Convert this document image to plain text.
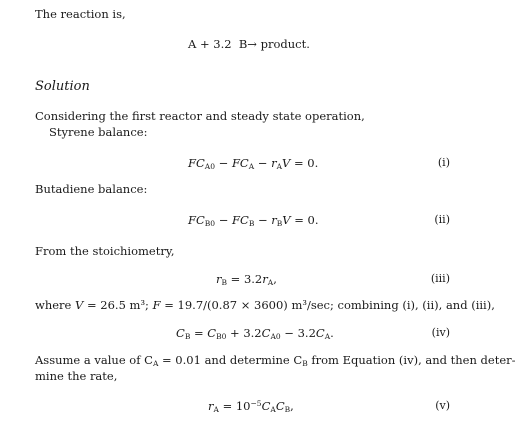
The reaction is,
A + 3.2 B→ product.
Solution
Considering the first reactor and steady state operation,
Styrene balance:
$FC_{A0} - FC_A - r_AV = 0$.	(i)
Butadiene balance:
$FC_{B0} - FC_B - r_BV = 0$.	(ii)
From the stoichiometry,
$r_B = 3.2r_A$,	(iii)
where V = 26.5 m³; F = 19.7/(0.87 × 3600) m³/sec; combining (i), (ii), and (iii),
$C_B = C_{B0} + 3.2C_{A0} - 3.2C_A$.	(iv)
Assume a value of $C_A = 0.01$ and determine $C_B$ from Equation (iv), and then deter-
mine the rate,
$r_A = 10^{-5}C_AC_B$,	(v)
